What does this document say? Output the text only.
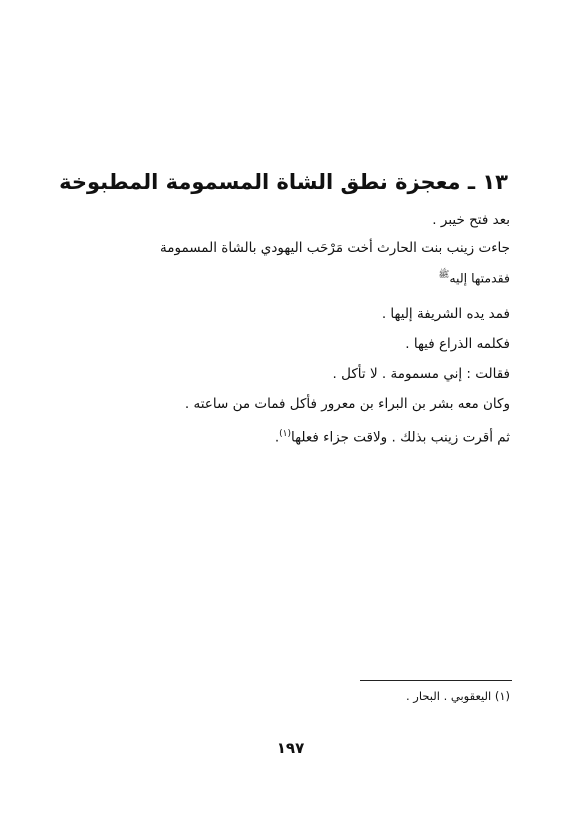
١٣ ـ معجزة نطق الشاة المسمومة المطبوخة

بعد فتح خيبر .

جاءت زينب بنت الحارث أخت مَرْحَب اليهودي بالشاة المسمومة
فقدمتها إليه$^ﷺ$

فمد يده الشريفة إليها .

فكلمه الذراع فيها .

فقالت : إني مسمومة . لا تأكل .

وكان معه بشر بن البراء بن معرور فأكل فمات من ساعته .

ثم أقرت زينب بذلك . ولاقت جزاء فعلها$^{(١)}$.

(١) اليعقوبي . البحار .

١٩٧
